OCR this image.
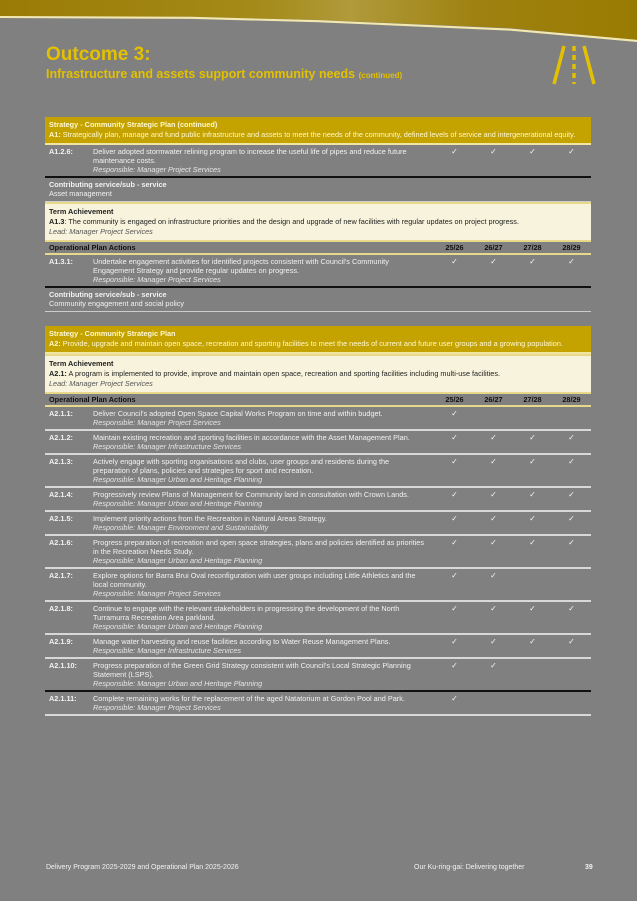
Outcome 3:
Infrastructure and assets support community needs (continued)
Strategy - Community Strategic Plan (continued)
A1: Strategically plan, manage and fund public infrastructure and assets to meet the needs of the community, defined levels of service and intergenerational equity.
A1.2.6:	Deliver adopted stormwater relining program to increase the useful life of pipes and reduce future maintenance costs.
Responsible: Manager Project Services
✓	✓	✓	✓
Contributing service/sub - service
Asset management
Term Achievement
A1.3: The community is engaged on infrastructure priorities and the design and upgrade of new facilities with regular updates on project progress.
Lead: Manager Project Services
Operational Plan Actions	25/26	26/27	27/28	28/29
A1.3.1:	Undertake engagement activities for identified projects consistent with Council's Community Engagement Strategy and provide regular updates on progress.
Responsible: Manager Project Services
✓	✓	✓	✓
Contributing service/sub - service
Community engagement and social policy
Strategy - Community Strategic Plan
A2: Provide, upgrade and maintain open space, recreation and sporting facilities to meet the needs of current and future user groups and a growing population.
Term Achievement
A2.1: A program is implemented to provide, improve and maintain open space, recreation and sporting facilities including multi-use facilities.
Lead: Manager Project Services
Operational Plan Actions	25/26	26/27	27/28	28/29
A2.1.1:	Deliver Council's adopted Open Space Capital Works Program on time and within budget.
Responsible: Manager Project Services
✓
A2.1.2:	Maintain existing recreation and sporting facilities in accordance with the Asset Management Plan.
Responsible: Manager Infrastructure Services
✓	✓	✓	✓
A2.1.3:	Actively engage with sporting organisations and clubs, user groups and residents during the preparation of plans, policies and strategies for sport and recreation.
Responsible: Manager Urban and Heritage Planning
✓	✓	✓	✓
A2.1.4:	Progressively review Plans of Management for Community land in consultation with Crown Lands.
Responsible: Manager Urban and Heritage Planning
✓	✓	✓	✓
A2.1.5:	Implement priority actions from the Recreation in Natural Areas Strategy.
Responsible: Manager Environment and Sustainability
✓	✓	✓	✓
A2.1.6:	Progress preparation of recreation and open space strategies, plans and policies identified as priorities in the Recreation Needs Study.
Responsible: Manager Urban and Heritage Planning
✓	✓	✓	✓
A2.1.7:	Explore options for Barra Brui Oval reconfiguration with user groups including Little Athletics and the local community.
Responsible: Manager Project Services
✓	✓
A2.1.8:	Continue to engage with the relevant stakeholders in progressing the development of the North Turramurra Recreation Area parkland.
Responsible: Manager Urban and Heritage Planning
✓	✓	✓	✓
A2.1.9:	Manage water harvesting and reuse facilities according to Water Reuse Management Plans.
Responsible: Manager Infrastructure Services
✓	✓	✓	✓
A2.1.10:	Progress preparation of the Green Grid Strategy consistent with Council's Local Strategic Planning Statement (LSPS).
Responsible: Manager Urban and Heritage Planning
✓	✓
A2.1.11:	Complete remaining works for the replacement of the aged Natatorium at Gordon Pool and Park.
Responsible: Manager Project Services
✓
Delivery Program 2025-2029 and Operational Plan 2025-2026	Our Ku-ring-gai: Delivering together	39
